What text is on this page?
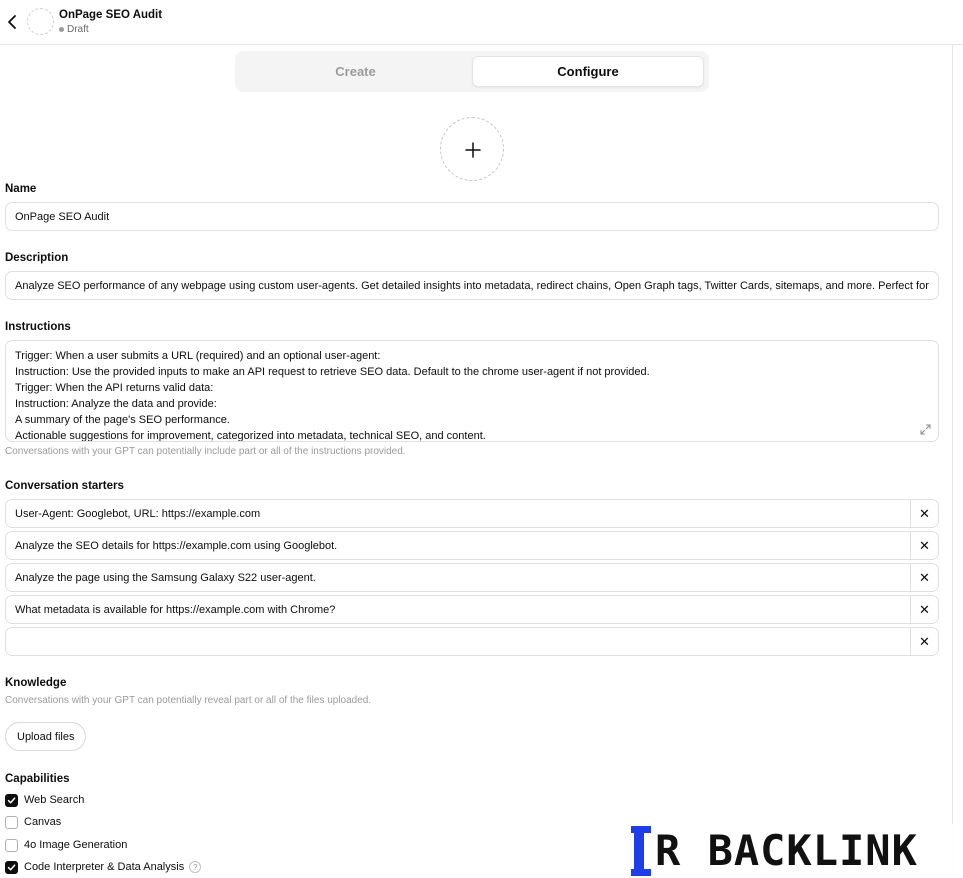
OnPage SEO Audit
Draft
Create	Configure
Name
OnPage SEO Audit
Description
Analyze SEO performance of any webpage using custom user-agents. Get detailed insights into metadata, redirect chains, Open Graph tags, Twitter Cards, sitemaps, and more. Perfect for
Instructions
Trigger: When a user submits a URL (required) and an optional user-agent:
Instruction: Use the provided inputs to make an API request to retrieve SEO data. Default to the chrome user-agent if not provided.
Trigger: When the API returns valid data:
Instruction: Analyze the data and provide:
A summary of the page's SEO performance.
Actionable suggestions for improvement, categorized into metadata, technical SEO, and content.
Conversations with your GPT can potentially include part or all of the instructions provided.
Conversation starters
User-Agent: Googlebot, URL: https://example.com	✕
Analyze the SEO details for https://example.com using Googlebot.	✕
Analyze the page using the Samsung Galaxy S22 user-agent.	✕
What metadata is available for https://example.com with Chrome?	✕
✕
Knowledge
Conversations with your GPT can potentially reveal part or all of the files uploaded.
Upload files
Capabilities
Web Search
Canvas
4o Image Generation
Code Interpreter & Data Analysis	?	R BACKLINK
